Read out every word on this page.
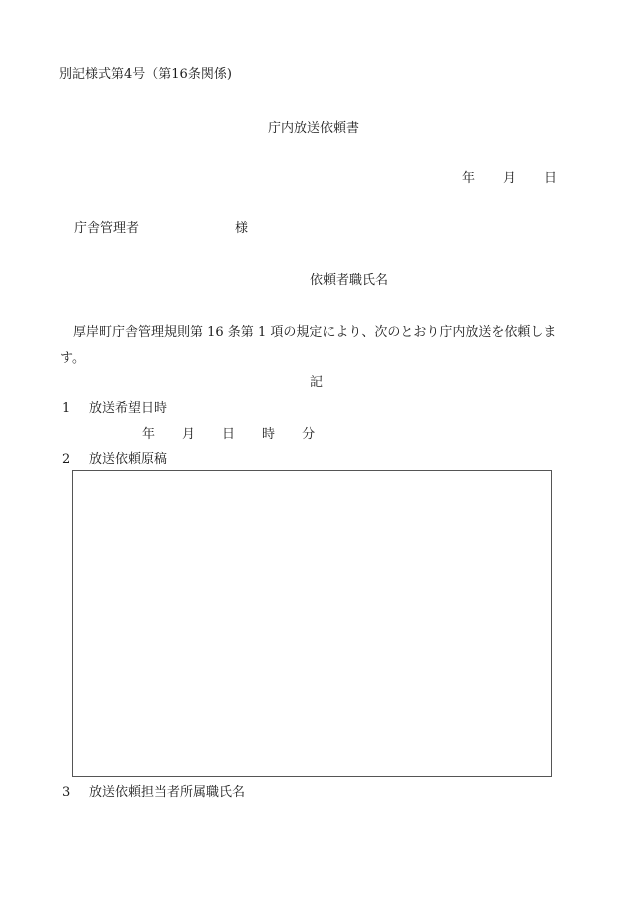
別記様式第4号（第16条関係)
庁内放送依頼書
年 月 日
庁舎管理者	様
依頼者職氏名
厚岸町庁舎管理規則第 16 条第 1 項の規定により、次のとおり庁内放送を依頼します。
記
1 放送希望日時
年 月 日 時 分
2 放送依頼原稿
3 放送依頼担当者所属職氏名
